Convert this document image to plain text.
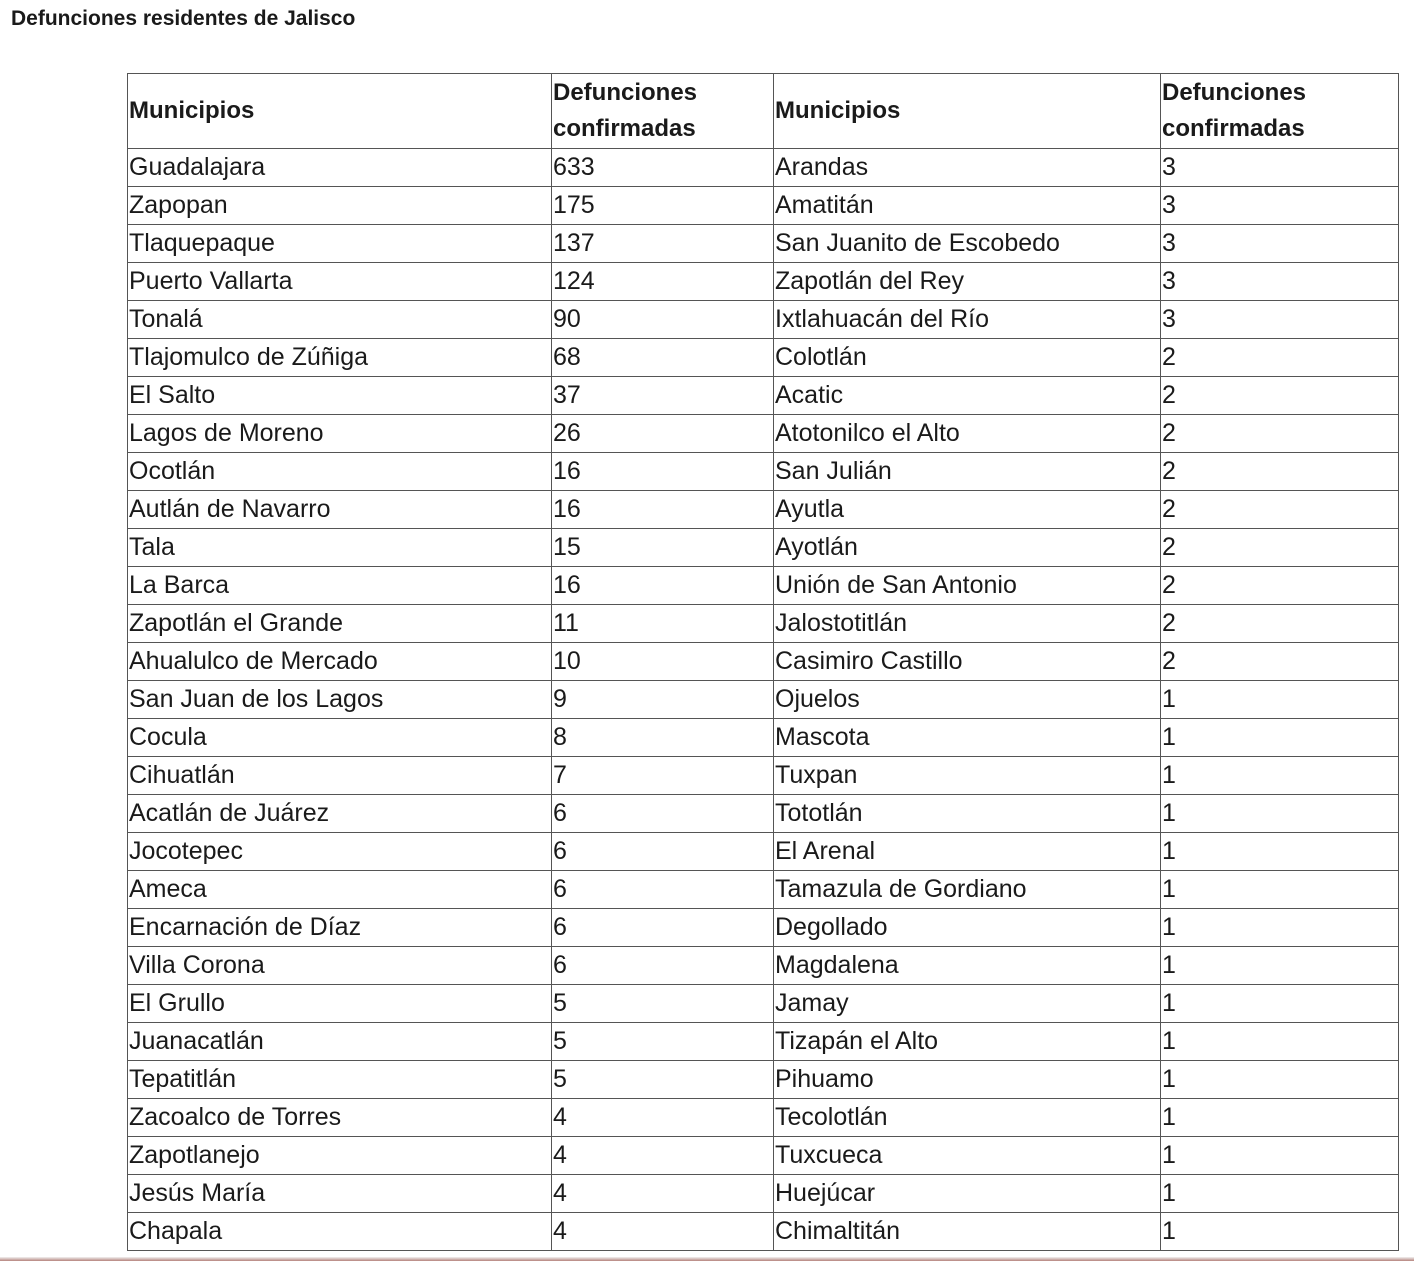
Defunciones residentes de Jalisco
Municipios	Defunciones confirmadas	Municipios	Defunciones confirmadas
Guadalajara	633	Arandas	3
Zapopan	175	Amatitán	3
Tlaquepaque	137	San Juanito de Escobedo	3
Puerto Vallarta	124	Zapotlán del Rey	3
Tonalá	90	Ixtlahuacán del Río	3
Tlajomulco de Zúñiga	68	Colotlán	2
El Salto	37	Acatic	2
Lagos de Moreno	26	Atotonilco el Alto	2
Ocotlán	16	San Julián	2
Autlán de Navarro	16	Ayutla	2
Tala	15	Ayotlán	2
La Barca	16	Unión de San Antonio	2
Zapotlán el Grande	11	Jalostotitlán	2
Ahualulco de Mercado	10	Casimiro Castillo	2
San Juan de los Lagos	9	Ojuelos	1
Cocula	8	Mascota	1
Cihuatlán	7	Tuxpan	1
Acatlán de Juárez	6	Tototlán	1
Jocotepec	6	El Arenal	1
Ameca	6	Tamazula de Gordiano	1
Encarnación de Díaz	6	Degollado	1
Villa Corona	6	Magdalena	1
El Grullo	5	Jamay	1
Juanacatlán	5	Tizapán el Alto	1
Tepatitlán	5	Pihuamo	1
Zacoalco de Torres	4	Tecolotlán	1
Zapotlanejo	4	Tuxcueca	1
Jesús María	4	Huejúcar	1
Chapala	4	Chimaltitán	1
